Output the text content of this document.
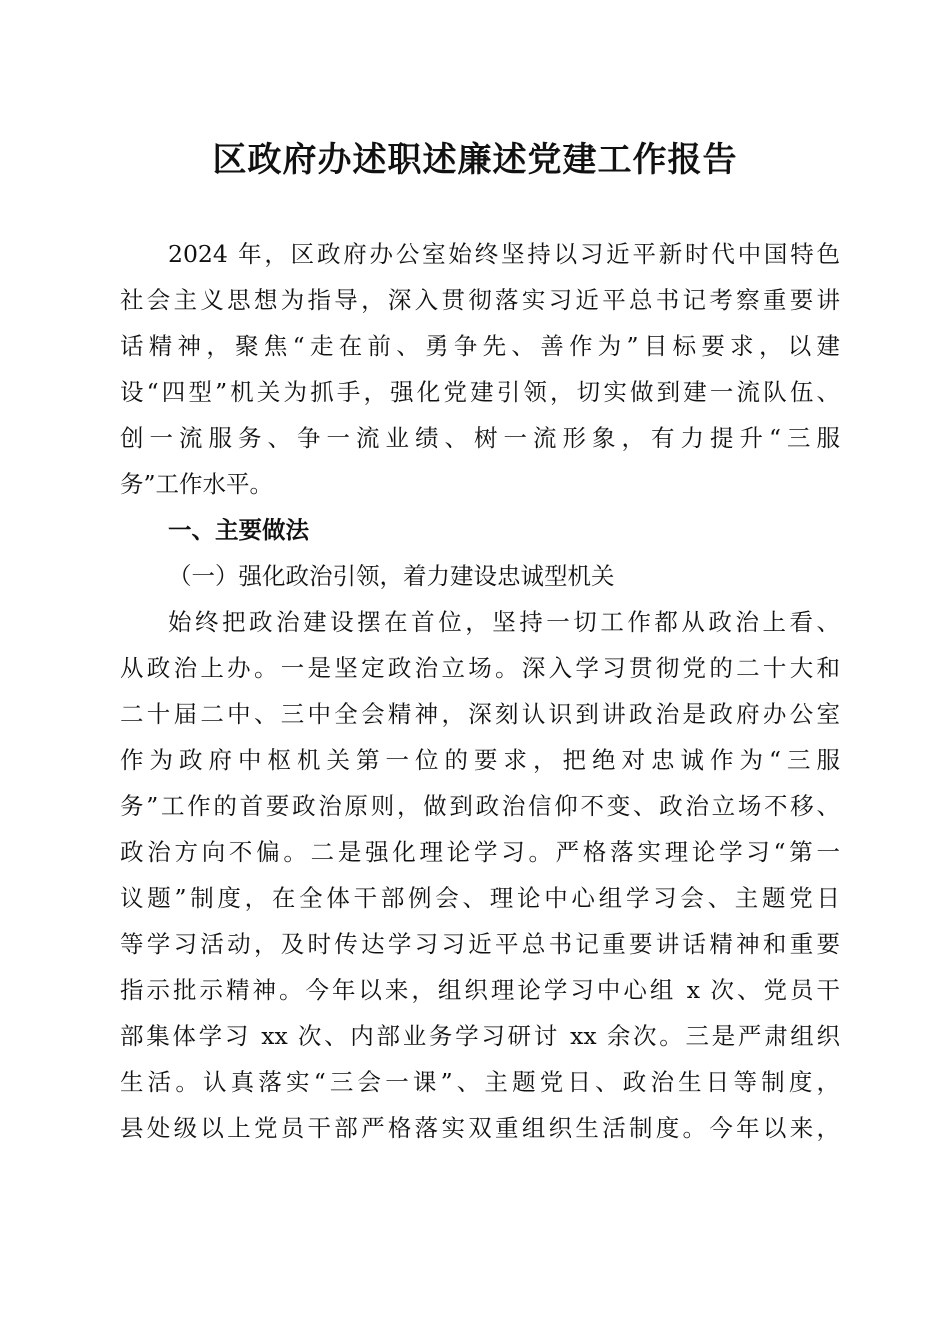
区政府办述职述廉述党建工作报告
2024 年，区政府办公室始终坚持以习近平新时代中国特色
社会主义思想为指导，深入贯彻落实习近平总书记考察重要讲
话精神，聚焦“走在前、勇争先、善作为”目标要求，以建
设“四型”机关为抓手，强化党建引领，切实做到建一流队伍、
创一流服务、争一流业绩、树一流形象，有力提升“三服
务”工作水平。
一、主要做法
（一）强化政治引领，着力建设忠诚型机关
始终把政治建设摆在首位，坚持一切工作都从政治上看、
从政治上办。一是坚定政治立场。深入学习贯彻党的二十大和
二十届二中、三中全会精神，深刻认识到讲政治是政府办公室
作为政府中枢机关第一位的要求，把绝对忠诚作为“三服
务”工作的首要政治原则，做到政治信仰不变、政治立场不移、
政治方向不偏。二是强化理论学习。严格落实理论学习“第一
议题”制度，在全体干部例会、理论中心组学习会、主题党日
等学习活动，及时传达学习习近平总书记重要讲话精神和重要
指示批示精神。今年以来，组织理论学习中心组 x 次、党员干
部集体学习 xx 次、内部业务学习研讨 xx 余次。三是严肃组织
生活。认真落实“三会一课”、主题党日、政治生日等制度，
县处级以上党员干部严格落实双重组织生活制度。今年以来，
